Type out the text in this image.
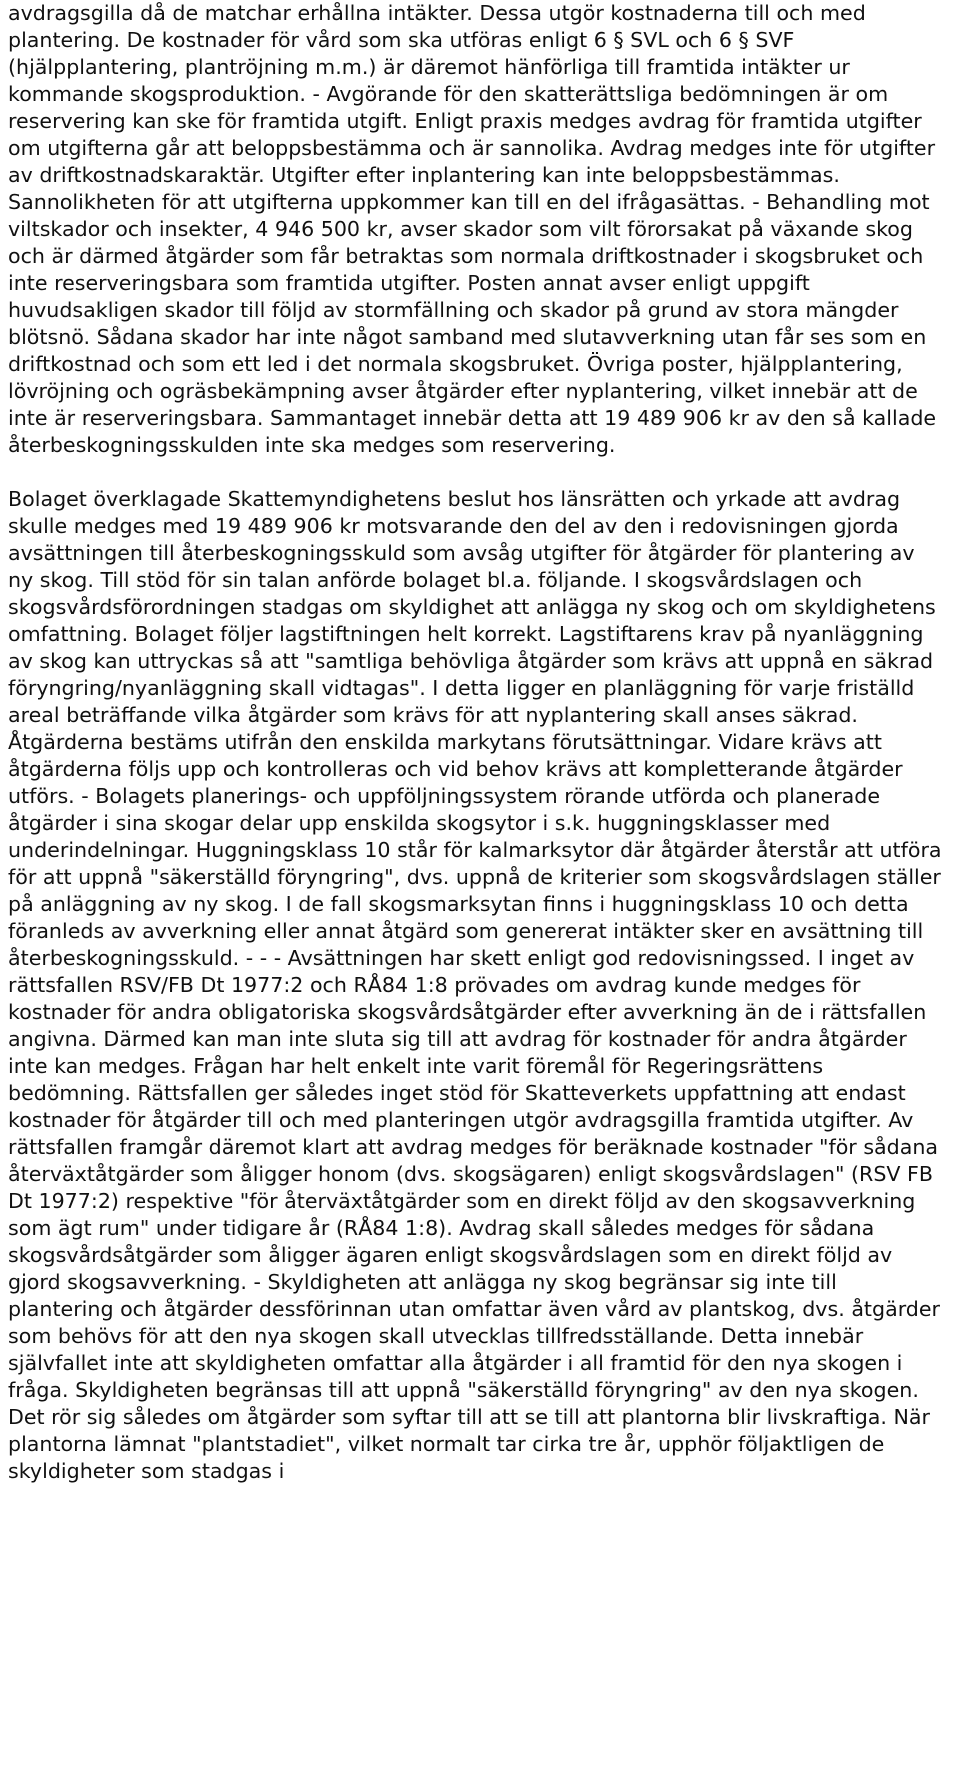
avdragsgilla då de matchar erhållna intäkter. Dessa utgör kostnaderna till och med plantering. De kostnader för vård som ska utföras enligt 6 § SVL och 6 § SVF (hjälpplantering, plantröjning m.m.) är däremot hänförliga till framtida intäkter ur kommande skogsproduktion. - Avgörande för den skatterättsliga bedömningen är om reservering kan ske för framtida utgift. Enligt praxis medges avdrag för framtida utgifter om utgifterna går att beloppsbestämma och är sannolika. Avdrag medges inte för utgifter av driftkostnadskaraktär. Utgifter efter inplantering kan inte beloppsbestämmas. Sannolikheten för att utgifterna uppkommer kan till en del ifrågasättas. - Behandling mot viltskador och insekter, 4 946 500 kr, avser skador som vilt förorsakat på växande skog och är därmed åtgärder som får betraktas som normala driftkostnader i skogsbruket och inte reserveringsbara som framtida utgifter. Posten annat avser enligt uppgift huvudsakligen skador till följd av stormfällning och skador på grund av stora mängder blötsnö. Sådana skador har inte något samband med slutavverkning utan får ses som en driftkostnad och som ett led i det normala skogsbruket. Övriga poster, hjälpplantering, lövröjning och ogräsbekämpning avser åtgärder efter nyplantering, vilket innebär att de inte är reserveringsbara. Sammantaget innebär detta att 19 489 906 kr av den så kallade återbeskogningsskulden inte ska medges som reservering.

Bolaget överklagade Skattemyndighetens beslut hos länsrätten och yrkade att avdrag skulle medges med 19 489 906 kr motsvarande den del av den i redovisningen gjorda avsättningen till återbeskogningsskuld som avsåg utgifter för åtgärder för plantering av ny skog. Till stöd för sin talan anförde bolaget bl.a. följande. I skogsvårdslagen och skogsvårdsförordningen stadgas om skyldighet att anlägga ny skog och om skyldighetens omfattning. Bolaget följer lagstiftningen helt korrekt. Lagstiftarens krav på nyanläggning av skog kan uttryckas så att "samtliga behövliga åtgärder som krävs att uppnå en säkrad föryngring/nyanläggning skall vidtagas". I detta ligger en planläggning för varje friställd areal beträffande vilka åtgärder som krävs för att nyplantering skall anses säkrad. Åtgärderna bestäms utifrån den enskilda markytans förutsättningar. Vidare krävs att åtgärderna följs upp och kontrolleras och vid behov krävs att kompletterande åtgärder utförs. - Bolagets planerings- och uppföljningssystem rörande utförda och planerade åtgärder i sina skogar delar upp enskilda skogsytor i s.k. huggningsklasser med underindelningar. Huggningsklass 10 står för kalmarksytor där åtgärder återstår att utföra för att uppnå "säkerställd föryngring", dvs. uppnå de kriterier som skogsvårdslagen ställer på anläggning av ny skog. I de fall skogsmarksytan finns i huggningsklass 10 och detta föranleds av avverkning eller annat åtgärd som genererat intäkter sker en avsättning till återbeskogningsskuld. - - - Avsättningen har skett enligt god redovisningssed. I inget av rättsfallen RSV/FB Dt 1977:2 och RÅ84 1:8 prövades om avdrag kunde medges för kostnader för andra obligatoriska skogsvårdsåtgärder efter avverkning än de i rättsfallen angivna. Därmed kan man inte sluta sig till att avdrag för kostnader för andra åtgärder inte kan medges. Frågan har helt enkelt inte varit föremål för Regeringsrättens bedömning. Rättsfallen ger således inget stöd för Skatteverkets uppfattning att endast kostnader för åtgärder till och med planteringen utgör avdragsgilla framtida utgifter. Av rättsfallen framgår däremot klart att avdrag medges för beräknade kostnader "för sådana återväxtåtgärder som åligger honom (dvs. skogsägaren) enligt skogsvårdslagen" (RSV FB Dt 1977:2) respektive "för återväxtåtgärder som en direkt följd av den skogsavverkning som ägt rum" under tidigare år (RÅ84 1:8). Avdrag skall således medges för sådana skogsvårdsåtgärder som åligger ägaren enligt skogsvårdslagen som en direkt följd av gjord skogsavverkning. - Skyldigheten att anlägga ny skog begränsar sig inte till plantering och åtgärder dessförinnan utan omfattar även vård av plantskog, dvs. åtgärder som behövs för att den nya skogen skall utvecklas tillfredsställande. Detta innebär självfallet inte att skyldigheten omfattar alla åtgärder i all framtid för den nya skogen i fråga. Skyldigheten begränsas till att uppnå "säkerställd föryngring" av den nya skogen. Det rör sig således om åtgärder som syftar till att se till att plantorna blir livskraftiga. När plantorna lämnat "plantstadiet", vilket normalt tar cirka tre år, upphör följaktligen de skyldigheter som stadgas i
